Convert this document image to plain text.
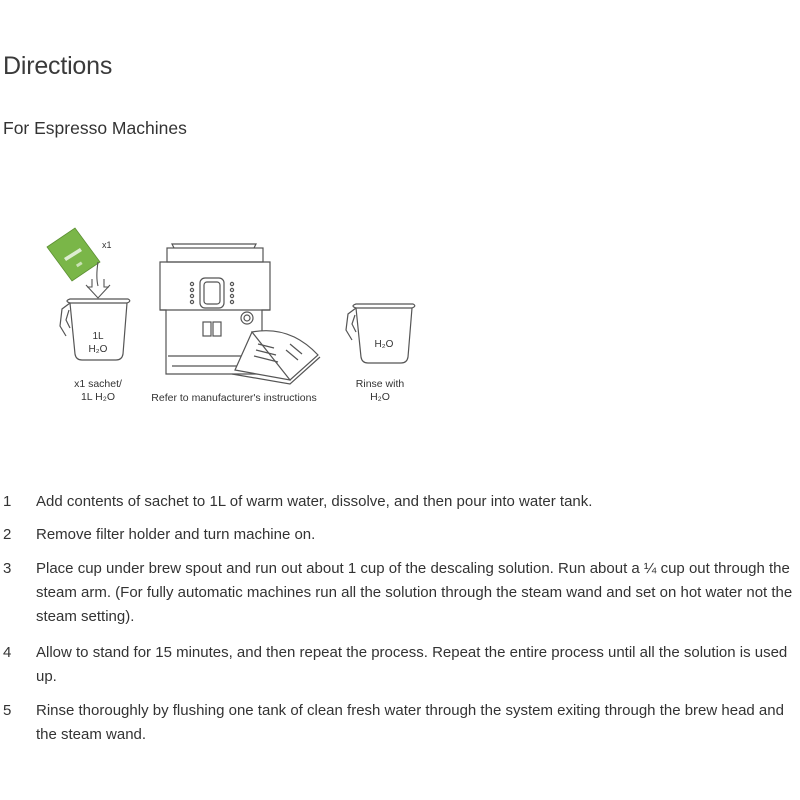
Directions
For Espresso Machines
x1
1L
H₂O	H₂O
x1 sachet/
1L H₂O	Refer to manufacturer's instructions
Rinse with
H₂O
1 Add contents of sachet to 1L of warm water, dissolve, and then pour into water tank.
2 Remove filter holder and turn machine on.
3 Place cup under brew spout and run out about 1 cup of the descaling solution. Run about a ¼ cup out through the steam arm. (For fully automatic machines run all the solution through the steam wand and set on hot water not the steam setting).
4 Allow to stand for 15 minutes, and then repeat the process. Repeat the entire process until all the solution is used up.
5 Rinse thoroughly by flushing one tank of clean fresh water through the system exiting through the brew head and the steam wand.
